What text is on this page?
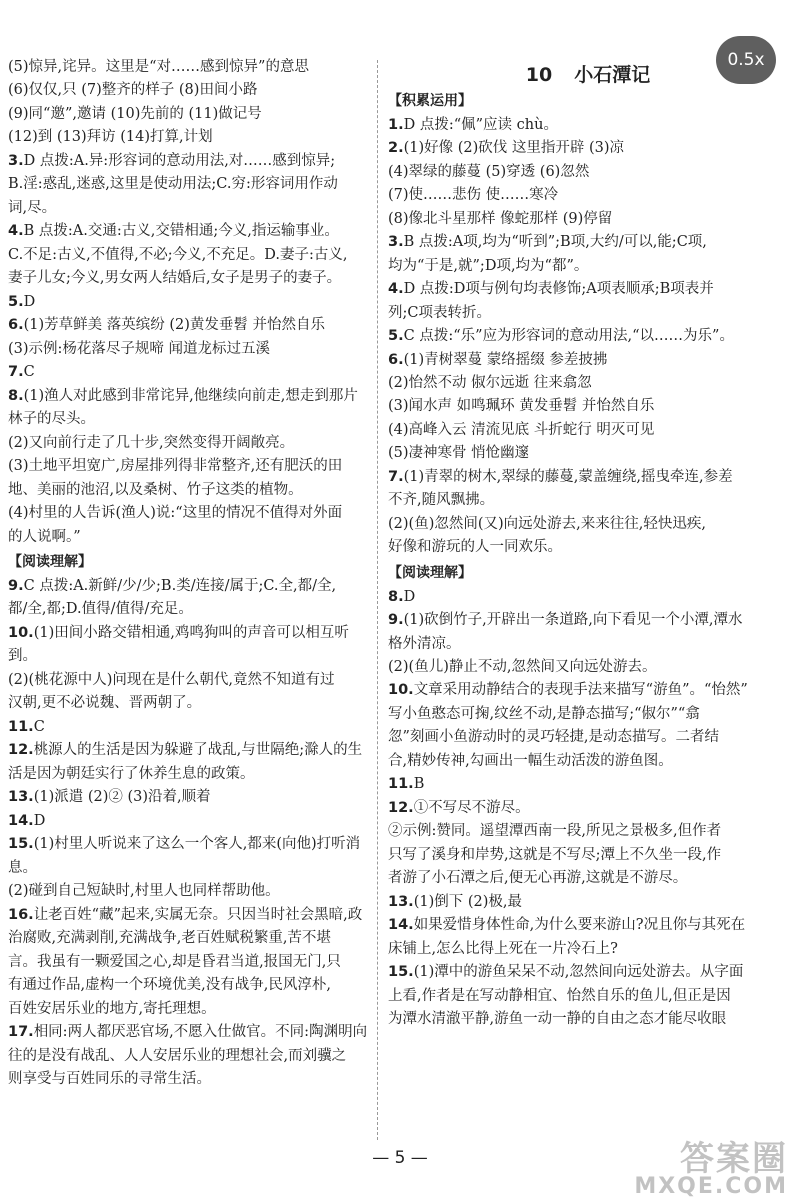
(5)惊异,诧异。这里是“对……感到惊异”的意思
(6)仅仅,只 (7)整齐的样子 (8)田间小路
(9)同“邀”,邀请 (10)先前的 (11)做记号
(12)到 (13)拜访 (14)打算,计划
3.D 点拨:A.异:形容词的意动用法,对……感到惊异;
B.淫:惑乱,迷惑,这里是使动用法;C.穷:形容词用作动
词,尽。
4.B 点拨:A.交通:古义,交错相通;今义,指运输事业。
C.不足:古义,不值得,不必;今义,不充足。D.妻子:古义,
妻子儿女;今义,男女两人结婚后,女子是男子的妻子。
5.D
6.(1)芳草鲜美 落英缤纷 (2)黄发垂髫 并怡然自乐
(3)示例:杨花落尽子规啼 闻道龙标过五溪
7.C
8.(1)渔人对此感到非常诧异,他继续向前走,想走到那片
林子的尽头。
(2)又向前行走了几十步,突然变得开阔敞亮。
(3)土地平坦宽广,房屋排列得非常整齐,还有肥沃的田
地、美丽的池沼,以及桑树、竹子这类的植物。
(4)村里的人告诉(渔人)说:“这里的情况不值得对外面
的人说啊。”
【阅读理解】
9.C 点拨:A.新鲜/少/少;B.类/连接/属于;C.全,都/全,
都/全,都;D.值得/值得/充足。
10.(1)田间小路交错相通,鸡鸣狗叫的声音可以相互听到。
(2)(桃花源中人)问现在是什么朝代,竟然不知道有过
汉朝,更不必说魏、晋两朝了。
11.C
12.桃源人的生活是因为躲避了战乱,与世隔绝;滁人的生
活是因为朝廷实行了休养生息的政策。
13.(1)派遣 (2)② (3)沿着,顺着
14.D
15.(1)村里人听说来了这么一个客人,都来(向他)打听消息。
(2)碰到自己短缺时,村里人也同样帮助他。
16.让老百姓“藏”起来,实属无奈。只因当时社会黑暗,政
治腐败,充满剥削,充满战争,老百姓赋税繁重,苦不堪
言。我虽有一颗爱国之心,却是昏君当道,报国无门,只
有通过作品,虚构一个环境优美,没有战争,民风淳朴,
百姓安居乐业的地方,寄托理想。
17.相同:两人都厌恶官场,不愿入仕做官。不同:陶渊明向
往的是没有战乱、人人安居乐业的理想社会,而刘骥之
则享受与百姓同乐的寻常生活。
10 小石潭记
【积累运用】
1.D 点拨:“佩”应读 chù。
2.(1)好像 (2)砍伐 这里指开辟 (3)凉
(4)翠绿的藤蔓 (5)穿透 (6)忽然
(7)使……悲伤 使……寒冷
(8)像北斗星那样 像蛇那样 (9)停留
3.B 点拨:A项,均为“听到”;B项,大约/可以,能;C项,
均为“于是,就”;D项,均为“都”。
4.D 点拨:D项与例句均表修饰;A项表顺承;B项表并
列;C项表转折。
5.C 点拨:“乐”应为形容词的意动用法,“以……为乐”。
6.(1)青树翠蔓 蒙络摇缀 参差披拂
(2)怡然不动 俶尔远逝 往来翕忽
(3)闻水声 如鸣珮环 黄发垂髫 并怡然自乐
(4)高峰入云 清流见底 斗折蛇行 明灭可见
(5)凄神寒骨 悄怆幽邃
7.(1)青翠的树木,翠绿的藤蔓,蒙盖缠绕,摇曳牵连,参差
不齐,随风飘拂。
(2)(鱼)忽然间(又)向远处游去,来来往往,轻快迅疾,
好像和游玩的人一同欢乐。
【阅读理解】
8.D
9.(1)砍倒竹子,开辟出一条道路,向下看见一个小潭,潭水
格外清凉。
(2)(鱼儿)静止不动,忽然间又向远处游去。
10.文章采用动静结合的表现手法来描写“游鱼”。“怡然”
写小鱼憨态可掬,纹丝不动,是静态描写;“俶尔”“翕
忽”刻画小鱼游动时的灵巧轻捷,是动态描写。二者结
合,精妙传神,勾画出一幅生动活泼的游鱼图。
11.B
12.①不写尽不游尽。
②示例:赞同。遥望潭西南一段,所见之景极多,但作者
只写了溪身和岸势,这就是不写尽;潭上不久坐一段,作
者游了小石潭之后,便无心再游,这就是不游尽。
13.(1)倒下 (2)极,最
14.如果爱惜身体性命,为什么要来游山?况且你与其死在
床铺上,怎么比得上死在一片冷石上?
15.(1)潭中的游鱼呆呆不动,忽然间向远处游去。从字面
上看,作者是在写动静相宜、怡然自乐的鱼儿,但正是因
为潭水清澈平静,游鱼一动一静的自由之态才能尽收眼
0.5x
— 5 —	答案圈
MXQE.COM
